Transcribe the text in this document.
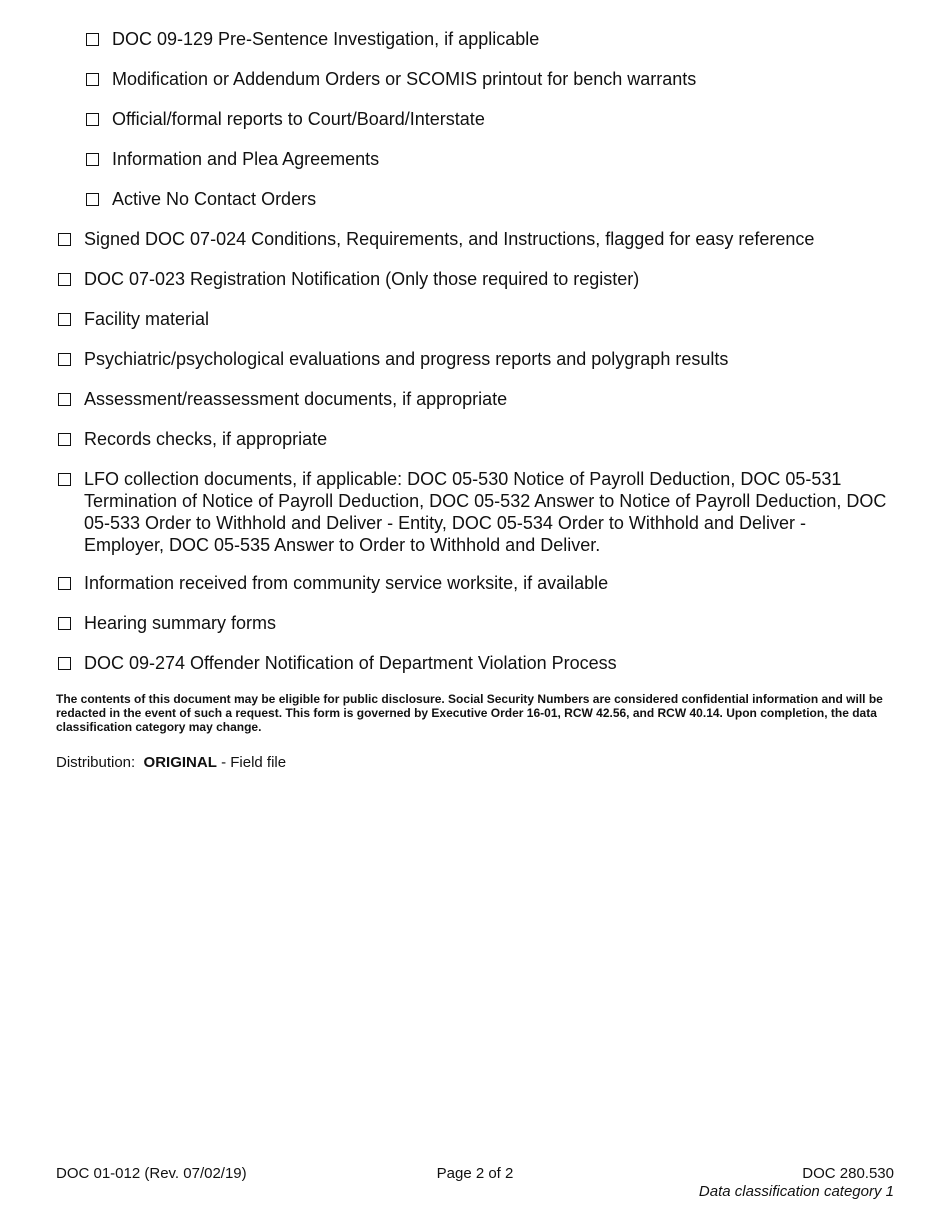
DOC 09-129 Pre-Sentence Investigation, if applicable
Modification or Addendum Orders or SCOMIS printout for bench warrants
Official/formal reports to Court/Board/Interstate
Information and Plea Agreements
Active No Contact Orders
Signed DOC 07-024 Conditions, Requirements, and Instructions, flagged for easy reference
DOC 07-023 Registration Notification (Only those required to register)
Facility material
Psychiatric/psychological evaluations and progress reports and polygraph results
Assessment/reassessment documents, if appropriate
Records checks, if appropriate
LFO collection documents, if applicable: DOC 05-530 Notice of Payroll Deduction, DOC 05-531 Termination of Notice of Payroll Deduction, DOC 05-532 Answer to Notice of Payroll Deduction, DOC 05-533 Order to Withhold and Deliver - Entity, DOC 05-534 Order to Withhold and Deliver - Employer, DOC 05-535 Answer to Order to Withhold and Deliver.
Information received from community service worksite, if available
Hearing summary forms
DOC 09-274 Offender Notification of Department Violation Process
The contents of this document may be eligible for public disclosure. Social Security Numbers are considered confidential information and will be redacted in the event of such a request. This form is governed by Executive Order 16-01, RCW 42.56, and RCW 40.14. Upon completion, the data classification category may change.
Distribution: ORIGINAL - Field file
DOC 01-012 (Rev. 07/02/19)	Page 2 of 2	DOC 280.530
Data classification category 1
